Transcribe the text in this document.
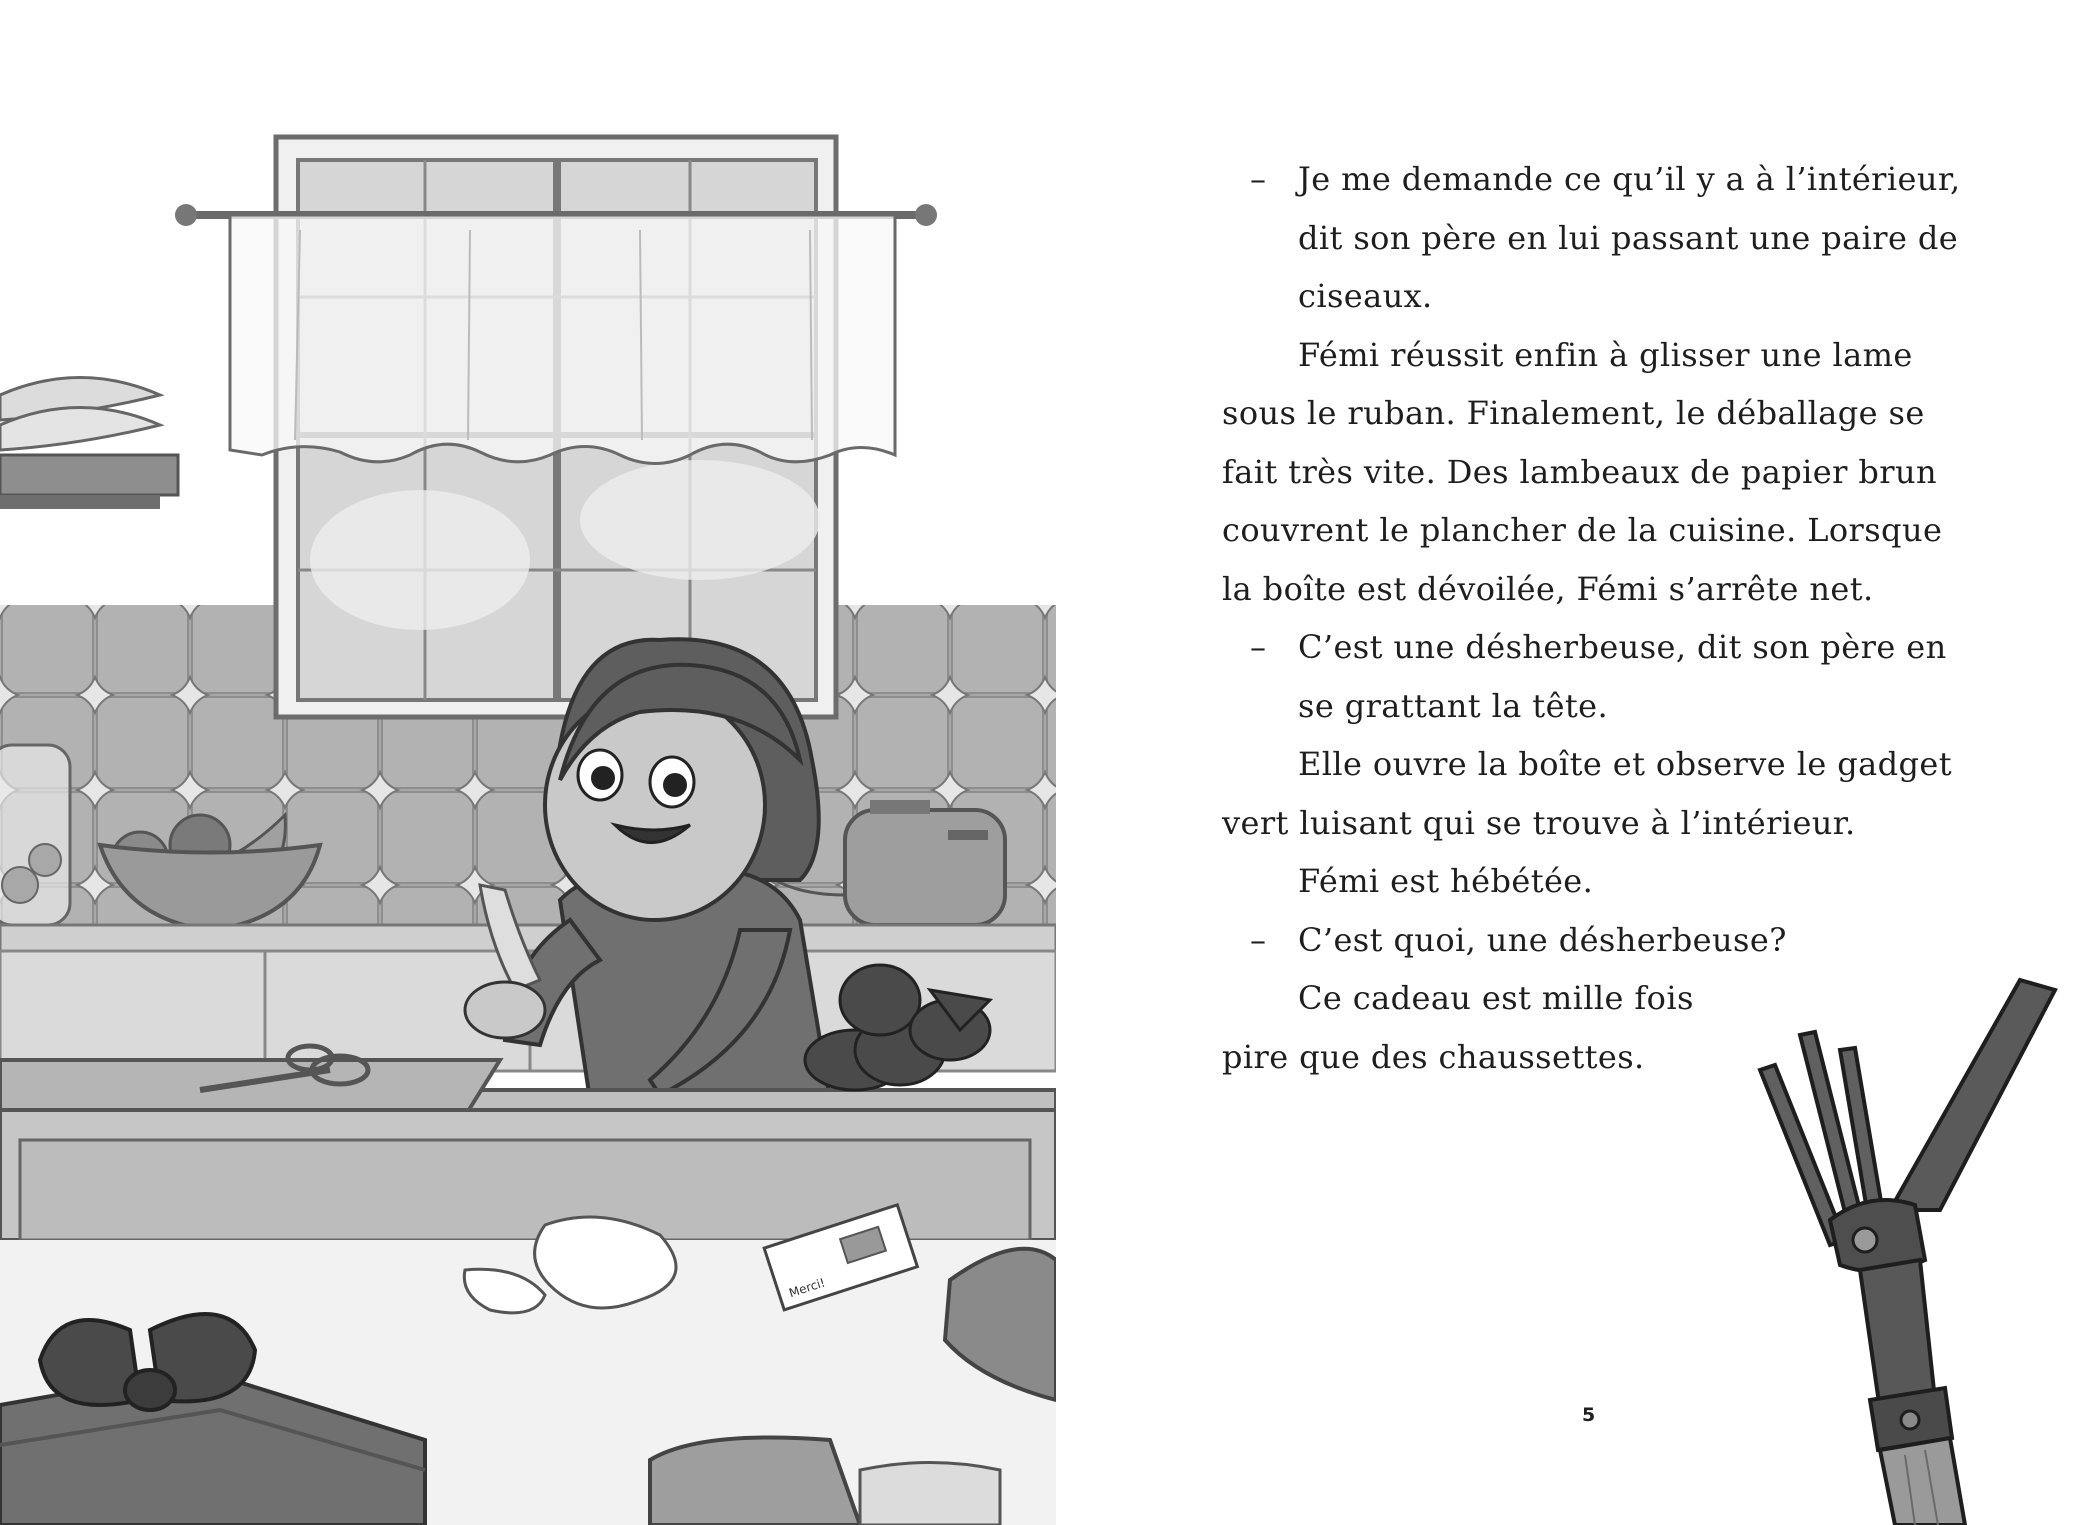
Merci!

– Je me demande ce qu’il y a à l’intérieur, dit son père en lui passant une paire de ciseaux.

Fémi réussit enfin à glisser une lame sous le ruban. Finalement, le déballage se fait très vite. Des lambeaux de papier brun couvrent le plancher de la cuisine. Lorsque la boîte est dévoilée, Fémi s’arrête net.

– C’est une désherbeuse, dit son père en se grattant la tête.

Elle ouvre la boîte et observe le gadget vert luisant qui se trouve à l’intérieur.

Fémi est hébétée.

– C’est quoi, une désherbeuse?

Ce cadeau est mille fois

pire que des chaussettes.

5
